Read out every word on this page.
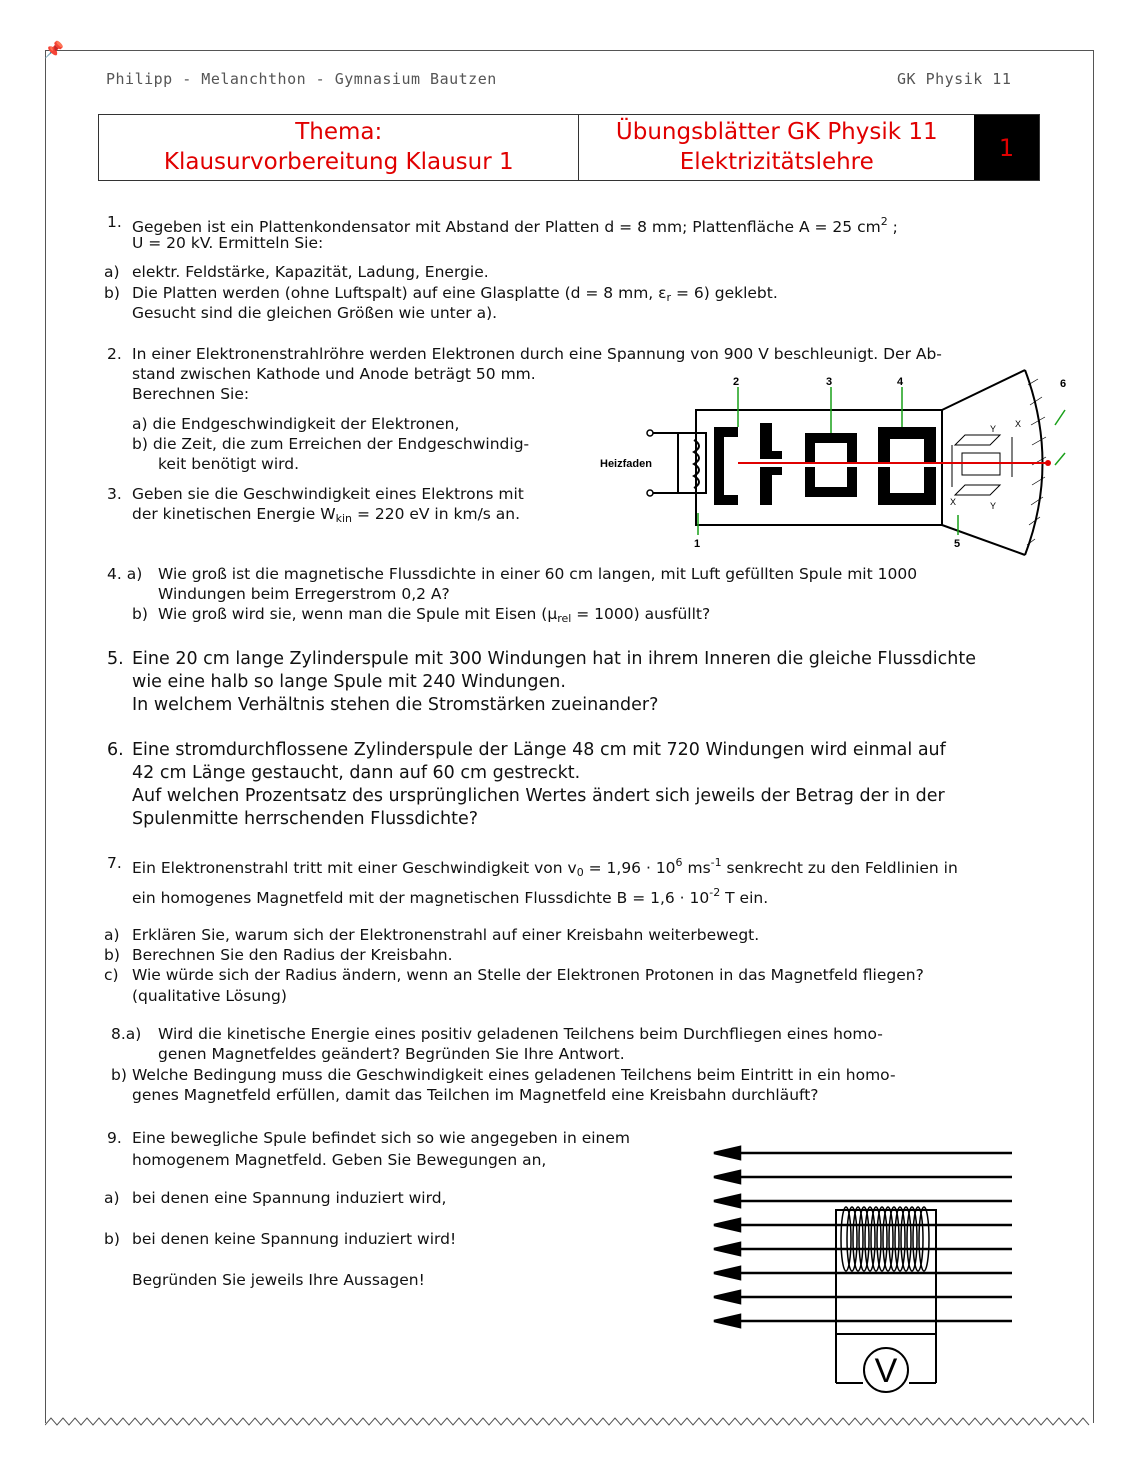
📌
Philipp - Melanchthon - Gymnasium Bautzen	GK Physik 11
Thema:
Klausurvorbereitung Klausur 1
Übungsblätter GK Physik 11
Elektrizitätslehre
1
1. Gegeben ist ein Plattenkondensator mit Abstand der Platten d = 8 mm; Plattenfläche A = 25 $cm^2$ ;
U = 20 kV. Ermitteln Sie:
a) elektr. Feldstärke, Kapazität, Ladung, Energie.
b) Die Platten werden (ohne Luftspalt) auf eine Glasplatte (d = 8 mm, $\varepsilon_r = 6$) geklebt.
Gesucht sind die gleichen Größen wie unter a).
2. In einer Elektronenstrahlröhre werden Elektronen durch eine Spannung von 900 V beschleunigt. Der Ab-
stand zwischen Kathode und Anode beträgt 50 mm.
Berechnen Sie:
a) die Endgeschwindigkeit der Elektronen,
b) die Zeit, die zum Erreichen der Endgeschwindig-
keit benötigt wird.
3. Geben sie die Geschwindigkeit eines Elektrons mit
der kinetischen Energie $W_{kin} = 220$ eV in km/s an.
Y X
X	Y
2	3	4
1	5
6
Heizfaden
4. a) Wie groß ist die magnetische Flussdichte in einer 60 cm langen, mit Luft gefüllten Spule mit 1000
Windungen beim Erregerstrom 0,2 A?
b) Wie groß wird sie, wenn man die Spule mit Eisen (µ$_{rel}$ = 1000) ausfüllt?
5. Eine 20 cm lange Zylinderspule mit 300 Windungen hat in ihrem Inneren die gleiche Flussdichte
wie eine halb so lange Spule mit 240 Windungen.
In welchem Verhältnis stehen die Stromstärken zueinander?
6. Eine stromdurchflossene Zylinderspule der Länge 48 cm mit 720 Windungen wird einmal auf
42 cm Länge gestaucht, dann auf 60 cm gestreckt.
Auf welchen Prozentsatz des ursprünglichen Wertes ändert sich jeweils der Betrag der in der
Spulenmitte herrschenden Flussdichte?
7. Ein Elektronenstrahl tritt mit einer Geschwindigkeit von $v_0 = 1,96 \cdot 10^6$ $ms^{-1}$ senkrecht zu den Feldlinien in
ein homogenes Magnetfeld mit der magnetischen Flussdichte $B = 1,6 \cdot 10^{-2}$ T ein.
a) Erklären Sie, warum sich der Elektronenstrahl auf einer Kreisbahn weiterbewegt.
b) Berechnen Sie den Radius der Kreisbahn.
c) Wie würde sich der Radius ändern, wenn an Stelle der Elektronen Protonen in das Magnetfeld fliegen?
(qualitative Lösung)
8.a) Wird die kinetische Energie eines positiv geladenen Teilchens beim Durchfliegen eines homo-
genen Magnetfeldes geändert? Begründen Sie Ihre Antwort.
b) Welche Bedingung muss die Geschwindigkeit eines geladenen Teilchens beim Eintritt in ein homo-
genes Magnetfeld erfüllen, damit das Teilchen im Magnetfeld eine Kreisbahn durchläuft?
9. Eine bewegliche Spule befindet sich so wie angegeben in einem
homogenem Magnetfeld. Geben Sie Bewegungen an,
a) bei denen eine Spannung induziert wird,
b) bei denen keine Spannung induziert wird!
Begründen Sie jeweils Ihre Aussagen!
V
